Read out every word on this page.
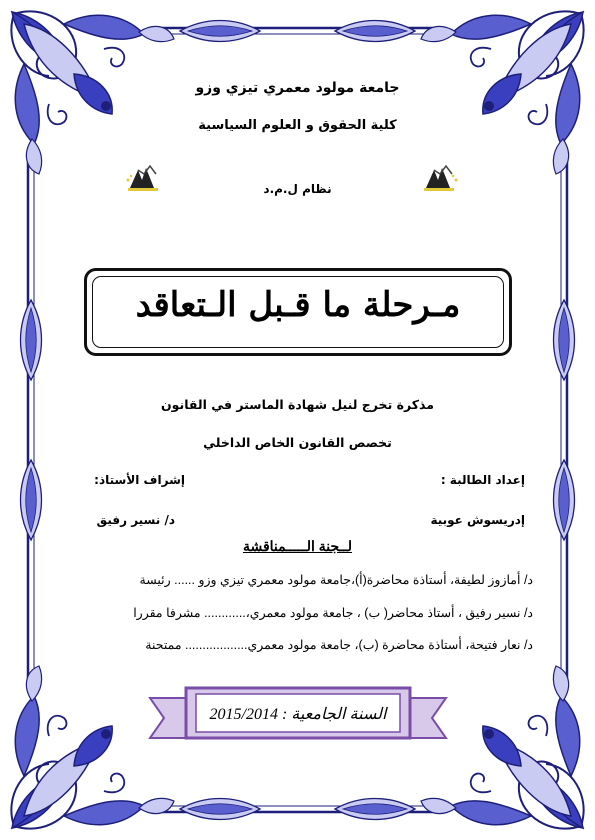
جامعة مولود معمري تيزي وزو
كلية الحقوق و العلوم السياسية
نظام ل.م.د
مـرحلة ما قـبل الـتعاقد
مذكرة تخرج لنيل شهادة الماستر في القانون
تخصص القانون الخاص الداخلي
إعداد الطالبة :
إشراف الأستاذ:
إدريسوش عوبية
د/ نسير رفيق
لــجنة الـــــمناقشة
د/ أمازوز لطيفة، أستاذة محاضرة(أ)،جامعة مولود معمري تيزي وزو ...... رئيسة
د/ نسير رفيق ، أستاذ محاضر( ب) ، جامعة مولود معمري،............ مشرفا مقررا
د/ نعار فتيحة، أستاذة محاضرة (ب)، جامعة مولود معمري.................. ممتحنة
السنة الجامعية : 2015/2014
